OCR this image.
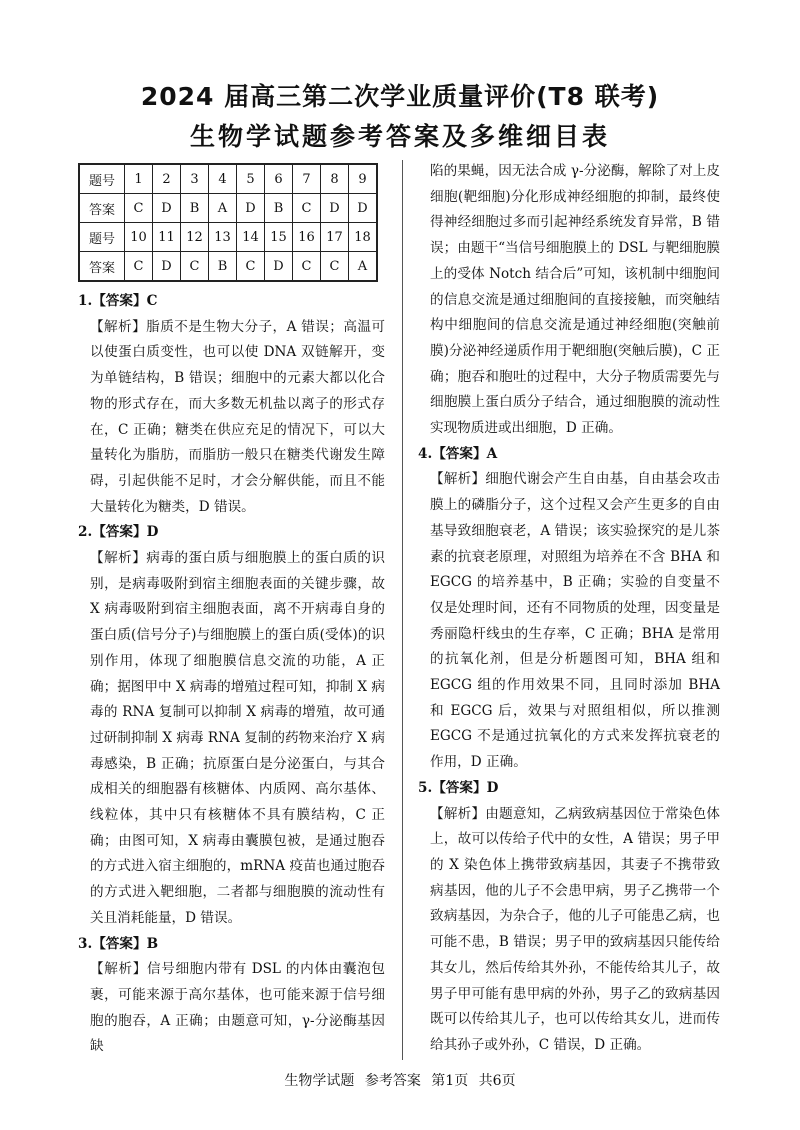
2024 届高三第二次学业质量评价(T8 联考)
生物学试题参考答案及多维细目表
题号	1	2	3	4	5	6	7	8	9
答案	C	D	B	A	D	B	C	D	D
题号	10	11	12	13	14	15	16	17	18
答案	C	D	C	B	C	D	C	C	A

1.【答案】C

【解析】脂质不是生物大分子，A 错误；高温可以使蛋白质变性，也可以使 DNA 双链解开，变为单链结构，B 错误；细胞中的元素大都以化合物的形式存在，而大多数无机盐以离子的形式存在，C 正确；糖类在供应充足的情况下，可以大量转化为脂肪，而脂肪一般只在糖类代谢发生障碍，引起供能不足时，才会分解供能，而且不能大量转化为糖类，D 错误。

2.【答案】D

【解析】病毒的蛋白质与细胞膜上的蛋白质的识别，是病毒吸附到宿主细胞表面的关键步骤，故 X 病毒吸附到宿主细胞表面，离不开病毒自身的蛋白质(信号分子)与细胞膜上的蛋白质(受体)的识别作用，体现了细胞膜信息交流的功能，A 正确；据图甲中 X 病毒的增殖过程可知，抑制 X 病毒的 RNA 复制可以抑制 X 病毒的增殖，故可通过研制抑制 X 病毒 RNA 复制的药物来治疗 X 病毒感染，B 正确；抗原蛋白是分泌蛋白，与其合成相关的细胞器有核糖体、内质网、高尔基体、线粒体，其中只有核糖体不具有膜结构，C 正确；由图可知，X 病毒由囊膜包被，是通过胞吞的方式进入宿主细胞的，mRNA 疫苗也通过胞吞的方式进入靶细胞，二者都与细胞膜的流动性有关且消耗能量，D 错误。

3.【答案】B

【解析】信号细胞内带有 DSL 的内体由囊泡包裹，可能来源于高尔基体，也可能来源于信号细胞的胞吞，A 正确；由题意可知，γ-分泌酶基因缺

陷的果蝇，因无法合成 γ-分泌酶，解除了对上皮细胞(靶细胞)分化形成神经细胞的抑制，最终使得神经细胞过多而引起神经系统发育异常，B 错误；由题干“当信号细胞膜上的 DSL 与靶细胞膜上的受体 Notch 结合后”可知，该机制中细胞间的信息交流是通过细胞间的直接接触，而突触结构中细胞间的信息交流是通过神经细胞(突触前膜)分泌神经递质作用于靶细胞(突触后膜)，C 正确；胞吞和胞吐的过程中，大分子物质需要先与细胞膜上蛋白质分子结合，通过细胞膜的流动性实现物质进或出细胞，D 正确。

4.【答案】A

【解析】细胞代谢会产生自由基，自由基会攻击膜上的磷脂分子，这个过程又会产生更多的自由基导致细胞衰老，A 错误；该实验探究的是儿茶素的抗衰老原理，对照组为培养在不含 BHA 和 EGCG 的培养基中，B 正确；实验的自变量不仅是处理时间，还有不同物质的处理，因变量是秀丽隐杆线虫的生存率，C 正确；BHA 是常用的抗氧化剂，但是分析题图可知，BHA 组和 EGCG 组的作用效果不同，且同时添加 BHA 和 EGCG 后，效果与对照组相似，所以推测 EGCG 不是通过抗氧化的方式来发挥抗衰老的作用，D 正确。

5.【答案】D

【解析】由题意知，乙病致病基因位于常染色体上，故可以传给子代中的女性，A 错误；男子甲的 X 染色体上携带致病基因，其妻子不携带致病基因，他的儿子不会患甲病，男子乙携带一个致病基因，为杂合子，他的儿子可能患乙病，也可能不患，B 错误；男子甲的致病基因只能传给其女儿，然后传给其外孙，不能传给其儿子，故男子甲可能有患甲病的外孙，男子乙的致病基因既可以传给其儿子，也可以传给其女儿，进而传给其孙子或外孙，C 错误，D 正确。

生物学试题 参考答案 第1页 共6页
